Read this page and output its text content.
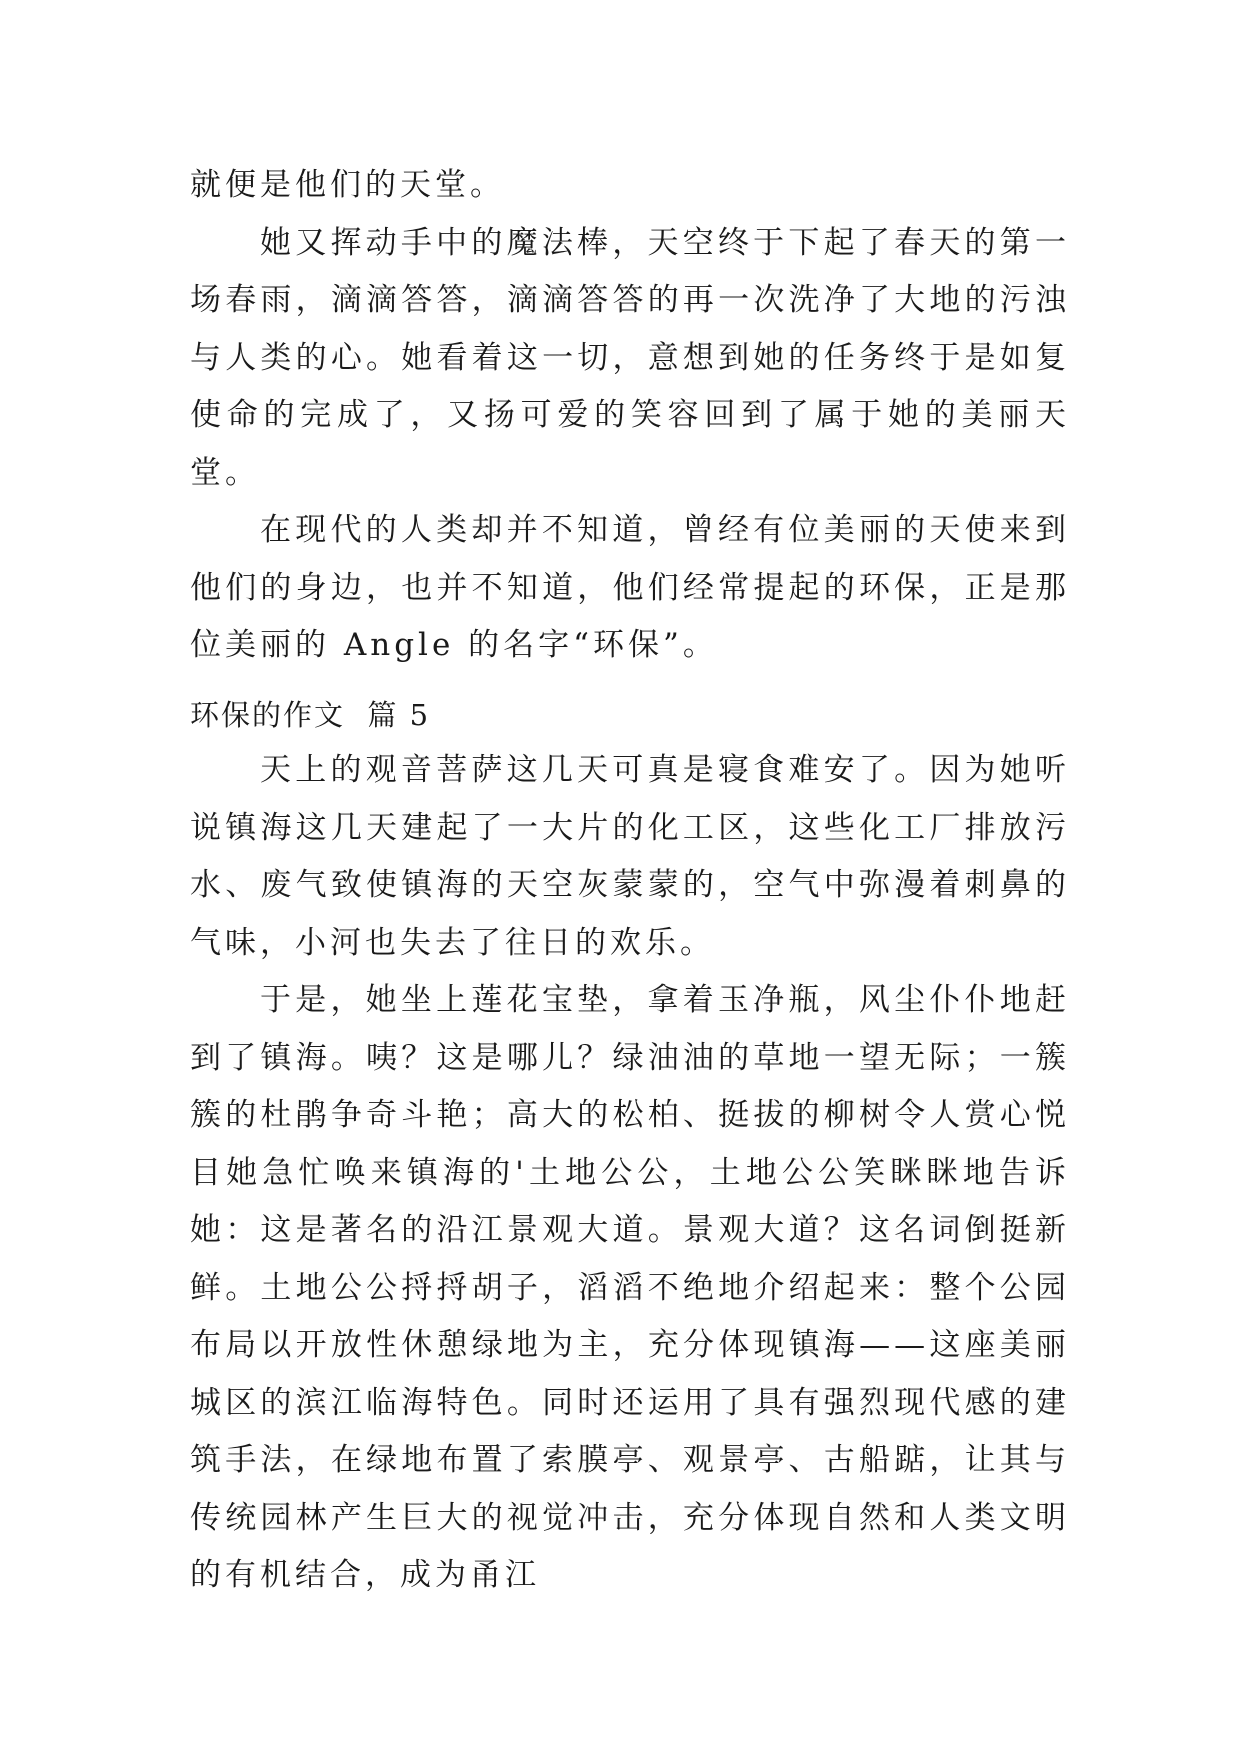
就便是他们的天堂。

她又挥动手中的魔法棒，天空终于下起了春天的第一场春雨，滴滴答答，滴滴答答的再一次洗净了大地的污浊与人类的心。她看着这一切，意想到她的任务终于是如复使命的完成了，又扬可爱的笑容回到了属于她的美丽天堂。

在现代的人类却并不知道，曾经有位美丽的天使来到他们的身边，也并不知道，他们经常提起的环保，正是那位美丽的 Angle 的名字“环保”。

环保的作文  篇 5

天上的观音菩萨这几天可真是寝食难安了。因为她听说镇海这几天建起了一大片的化工区，这些化工厂排放污水、废气致使镇海的天空灰蒙蒙的，空气中弥漫着刺鼻的气味，小河也失去了往日的欢乐。

于是，她坐上莲花宝垫，拿着玉净瓶，风尘仆仆地赶到了镇海。咦？这是哪儿？绿油油的草地一望无际；一簇簇的杜鹃争奇斗艳；高大的松柏、挺拔的柳树令人赏心悦目她急忙唤来镇海的'土地公公，土地公公笑眯眯地告诉她：这是著名的沿江景观大道。景观大道？这名词倒挺新鲜。土地公公捋捋胡子，滔滔不绝地介绍起来：整个公园布局以开放性休憩绿地为主，充分体现镇海——这座美丽城区的滨江临海特色。同时还运用了具有强烈现代感的建筑手法，在绿地布置了索膜亭、观景亭、古船踮，让其与传统园林产生巨大的视觉冲击，充分体现自然和人类文明的有机结合，成为甬江
